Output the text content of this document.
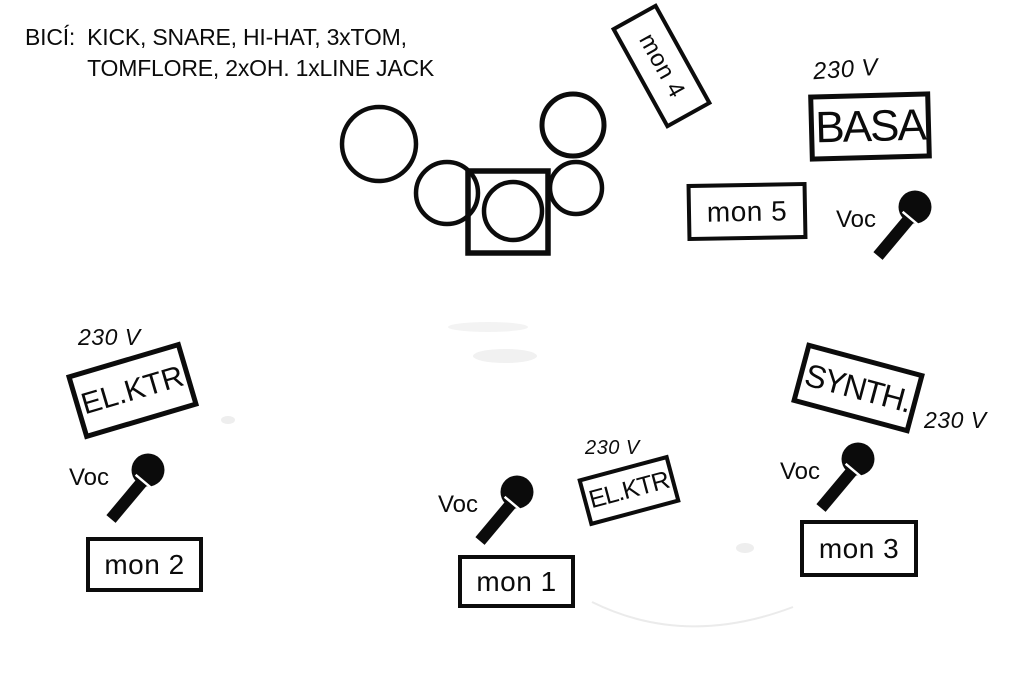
BICÍ: KICK, SNARE, HI-HAT, 3xTOM,
TOMFLORE, 2xOH. 1xLINE JACK	mon 4	230 V
BASA
mon 5 Voc
230 V
EL.KTR
Voc
mon 2
Voc
230 V
EL.KTR
mon 1
SYNTH.
230 V
Voc
mon 3
